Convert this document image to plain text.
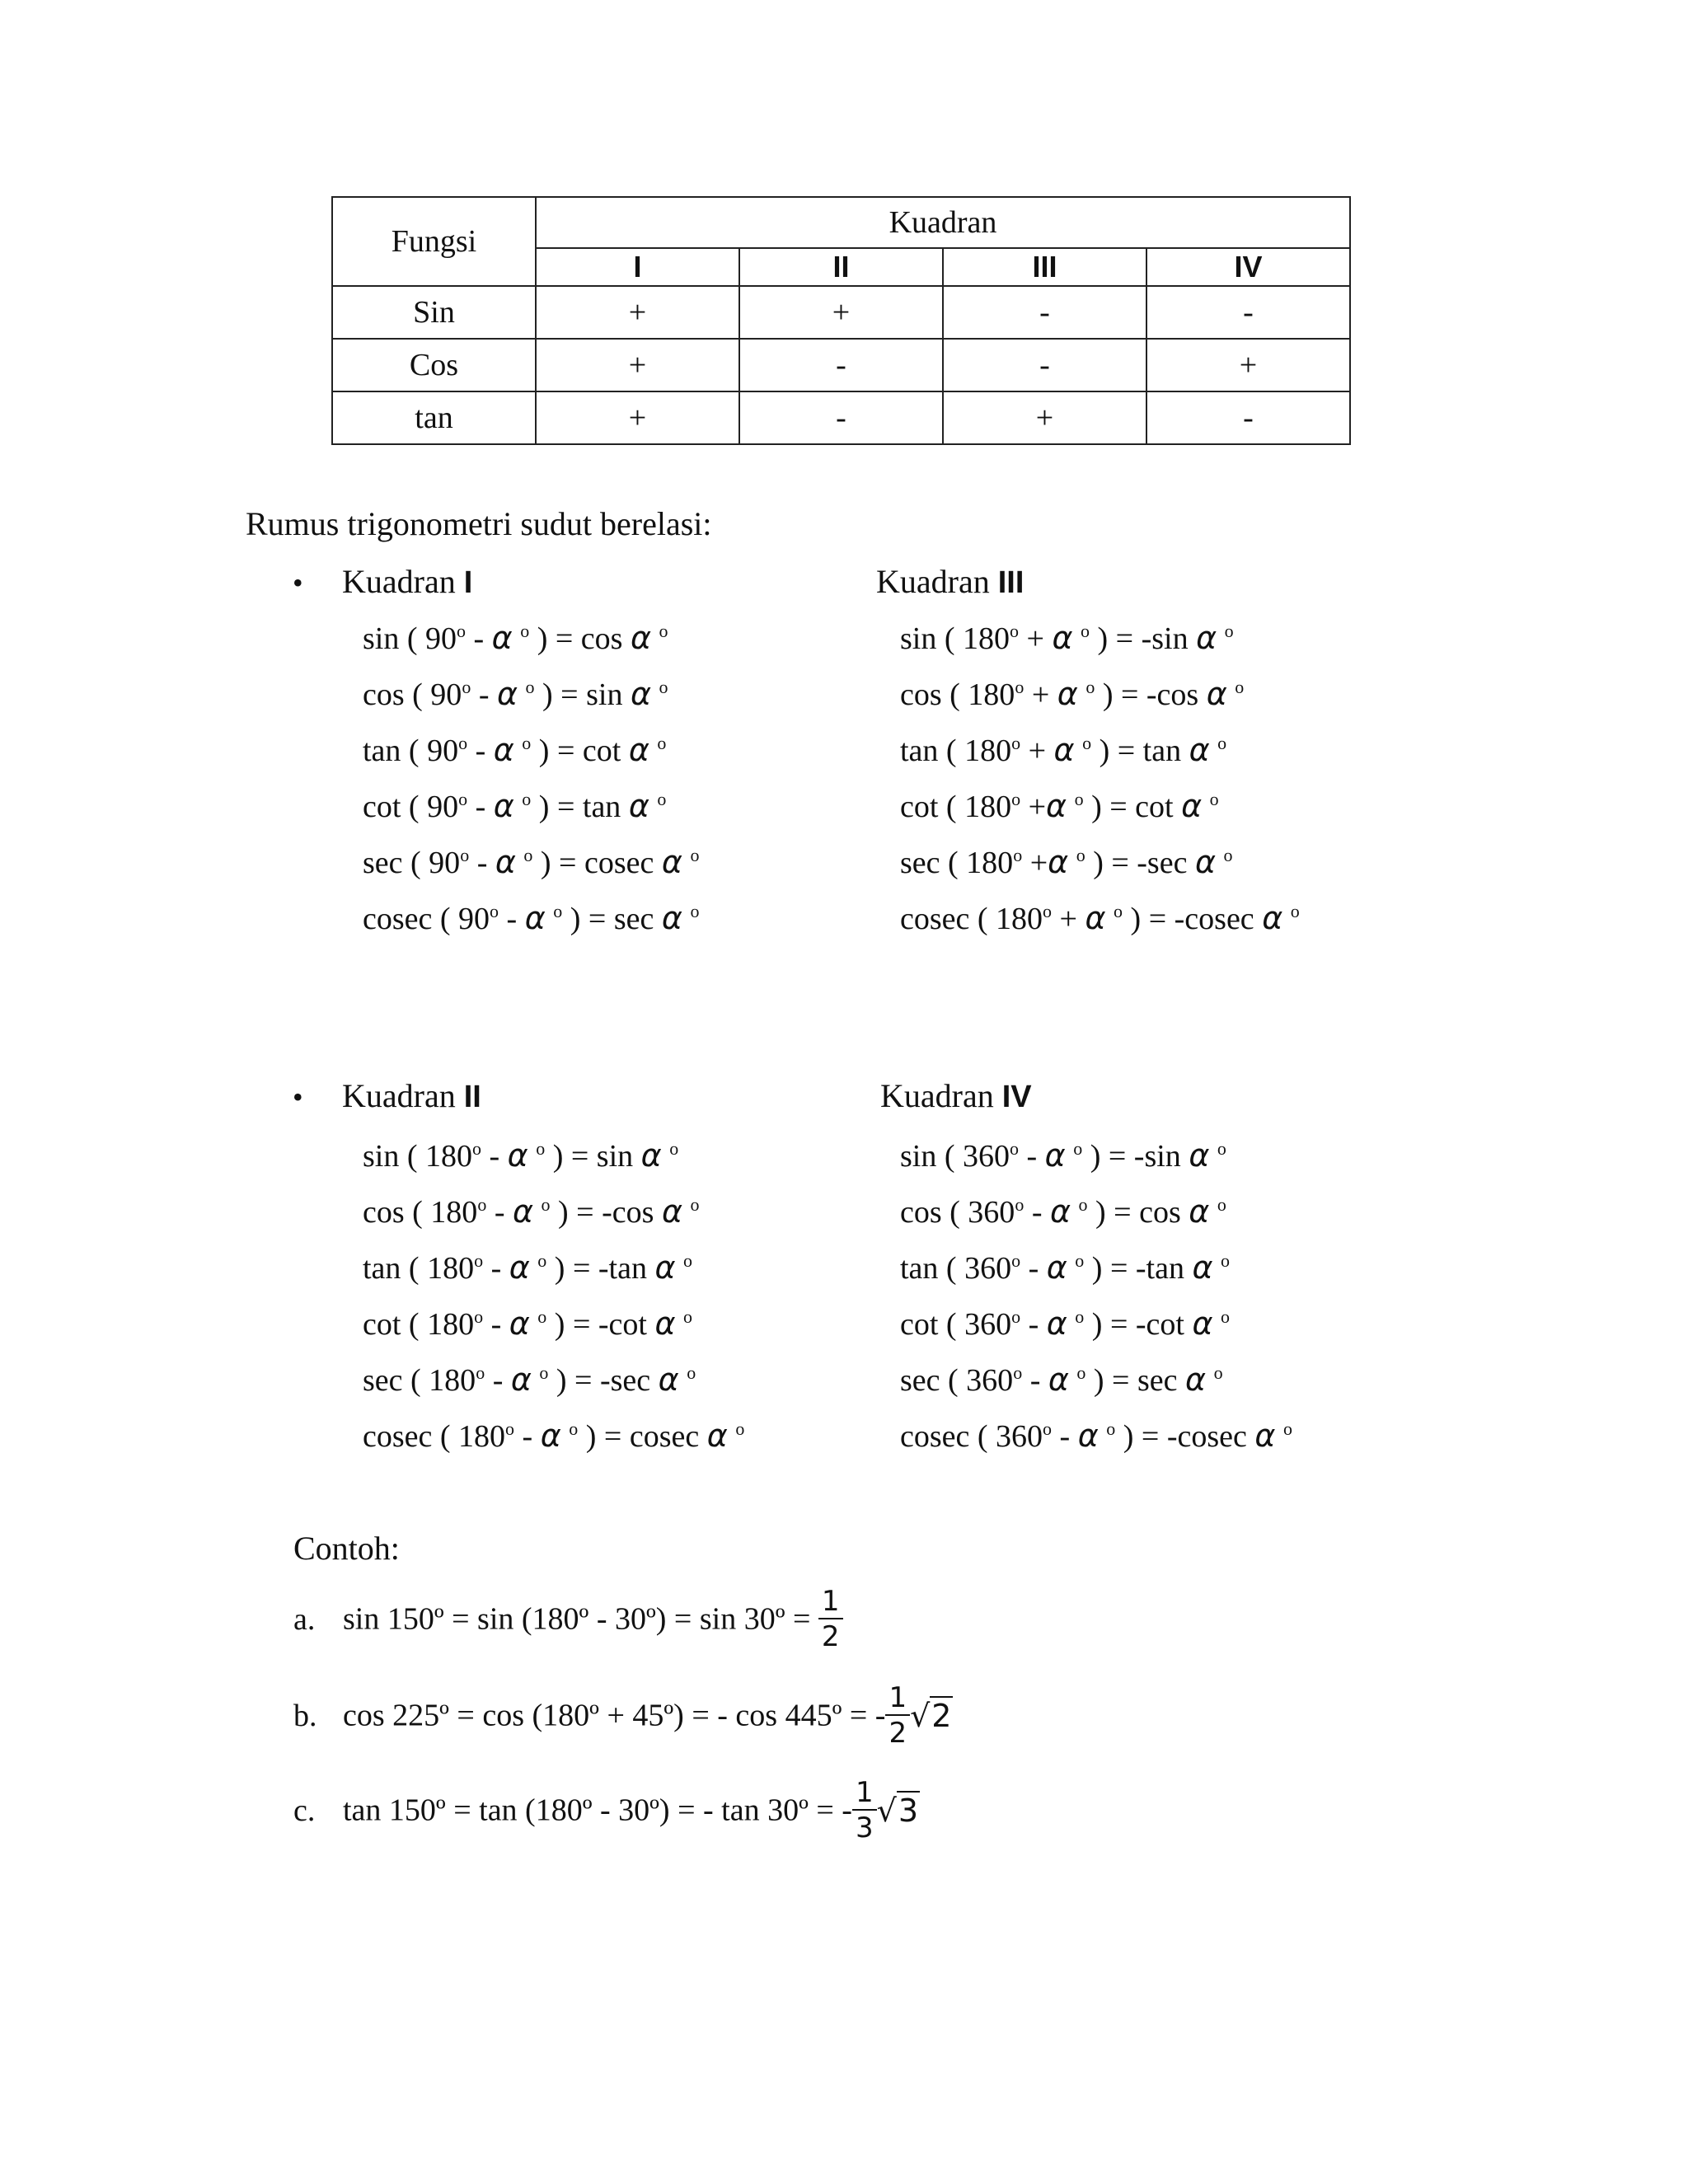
Fungsi	Kuadran			
	I	II	III	IV
Sin	+	+	-	-
Cos	+	-	-	+
tan	+	-	+	-
Rumus trigonometri sudut berelasi:
• Kuadran I
sin ( 90$^o$ - α $^o$ ) = cos α $^o$
cos ( 90$^o$ - α $^o$ ) = sin α $^o$
tan ( 90$^o$ - α $^o$ ) = cot α $^o$
cot ( 90$^o$ - α $^o$ ) = tan α $^o$
sec ( 90$^o$ - α $^o$ ) = cosec α $^o$
cosec ( 90$^o$ - α $^o$ ) = sec α $^o$
Kuadran III
sin ( $180^o + \alpha$ $^o$ ) = -sin α $^o$
cos ( $180^o + \alpha$ $^o$ ) = -cos α $^o$
tan ( $180^o + \alpha$ $^o$ ) = tan α $^o$
cot ( $180^o +\alpha$ $^o$ ) = cot α $^o$
sec ( $180^o +\alpha$ $^o$ ) = -sec α $^o$
cosec ( $180^o + \alpha$ $^o$ ) = -cosec α $^o$
• Kuadran II
sin ( 180$^o$ - α $^o$ ) = sin α $^o$
cos ( 180$^o$ - α $^o$ ) = -cos α $^o$
tan ( 180$^o$ - α $^o$ ) = -tan α $^o$
cot ( 180$^o$ - α $^o$ ) = -cot α $^o$
sec ( 180$^o$ - α $^o$ ) = -sec α $^o$
cosec ( 180$^o$ - α $^o$ ) = cosec α $^o$
Kuadran IV
sin ( 360$^o$ - α $^o$ ) = -sin α $^o$
cos ( 360$^o$ - α $^o$ ) = cos α $^o$
tan ( 360$^o$ - α $^o$ ) = -tan α $^o$
cot ( 360$^o$ - α $^o$ ) = -cot α $^o$
sec ( 360$^o$ - α $^o$ ) = sec α $^o$
cosec ( 360$^o$ - α $^o$ ) = -cosec α $^o$
Contoh:
a. sin 150º = sin (180º - 30º) = sin 30º = $\frac{1}{2}$
b. cos 225º = cos (180º + 45º) = - cos 445º = - $\frac{1}{2} √2$
c. tan 150º = tan (180º - 30º) = - tan 30º = - $\frac{1}{3} √3$
